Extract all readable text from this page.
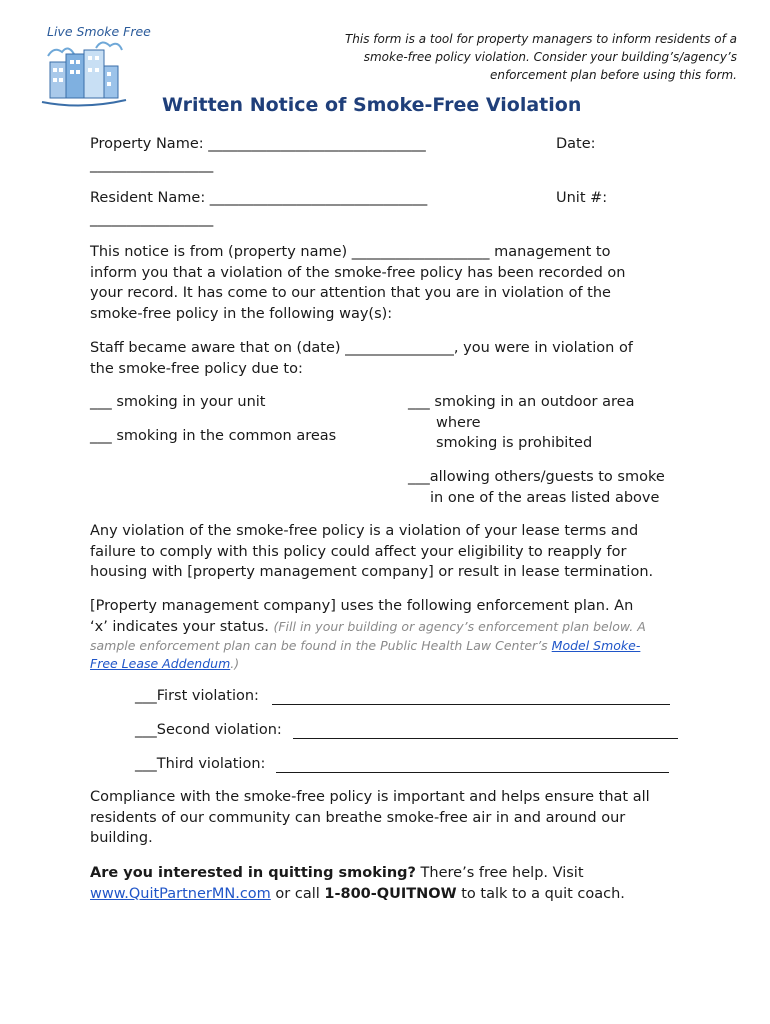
Live Smoke Free	This form is a tool for property managers to inform residents of a
smoke-free policy violation. Consider your building’s/agency’s
enforcement plan before using this form.
Written Notice of Smoke-Free Violation
Property Name: ______________________________	Date:
_________________
Resident Name: ______________________________	Unit #:
_________________
This notice is from (property name) ___________________ management to
inform you that a violation of the smoke-free policy has been recorded on
your record. It has come to our attention that you are in violation of the
smoke-free policy in the following way(s):
Staff became aware that on (date) _______________, you were in violation of
the smoke-free policy due to:
___ smoking in your unit
___ smoking in the common areas
___ smoking in an outdoor area
where
smoking is prohibited
___allowing others/guests to smoke
in one of the areas listed above
Any violation of the smoke-free policy is a violation of your lease terms and
failure to comply with this policy could affect your eligibility to reapply for
housing with [property management company] or result in lease termination.
[Property management company] uses the following enforcement plan. An
‘x’ indicates your status. (Fill in your building or agency’s enforcement plan below. A
sample enforcement plan can be found in the Public Health Law Center’s Model Smoke-
Free Lease Addendum.)
___First violation:
___Second violation:
___Third violation:
Compliance with the smoke-free policy is important and helps ensure that all
residents of our community can breathe smoke-free air in and around our
building.
Are you interested in quitting smoking? There’s free help. Visit
www.QuitPartnerMN.com or call 1-800-QUITNOW to talk to a quit coach.
